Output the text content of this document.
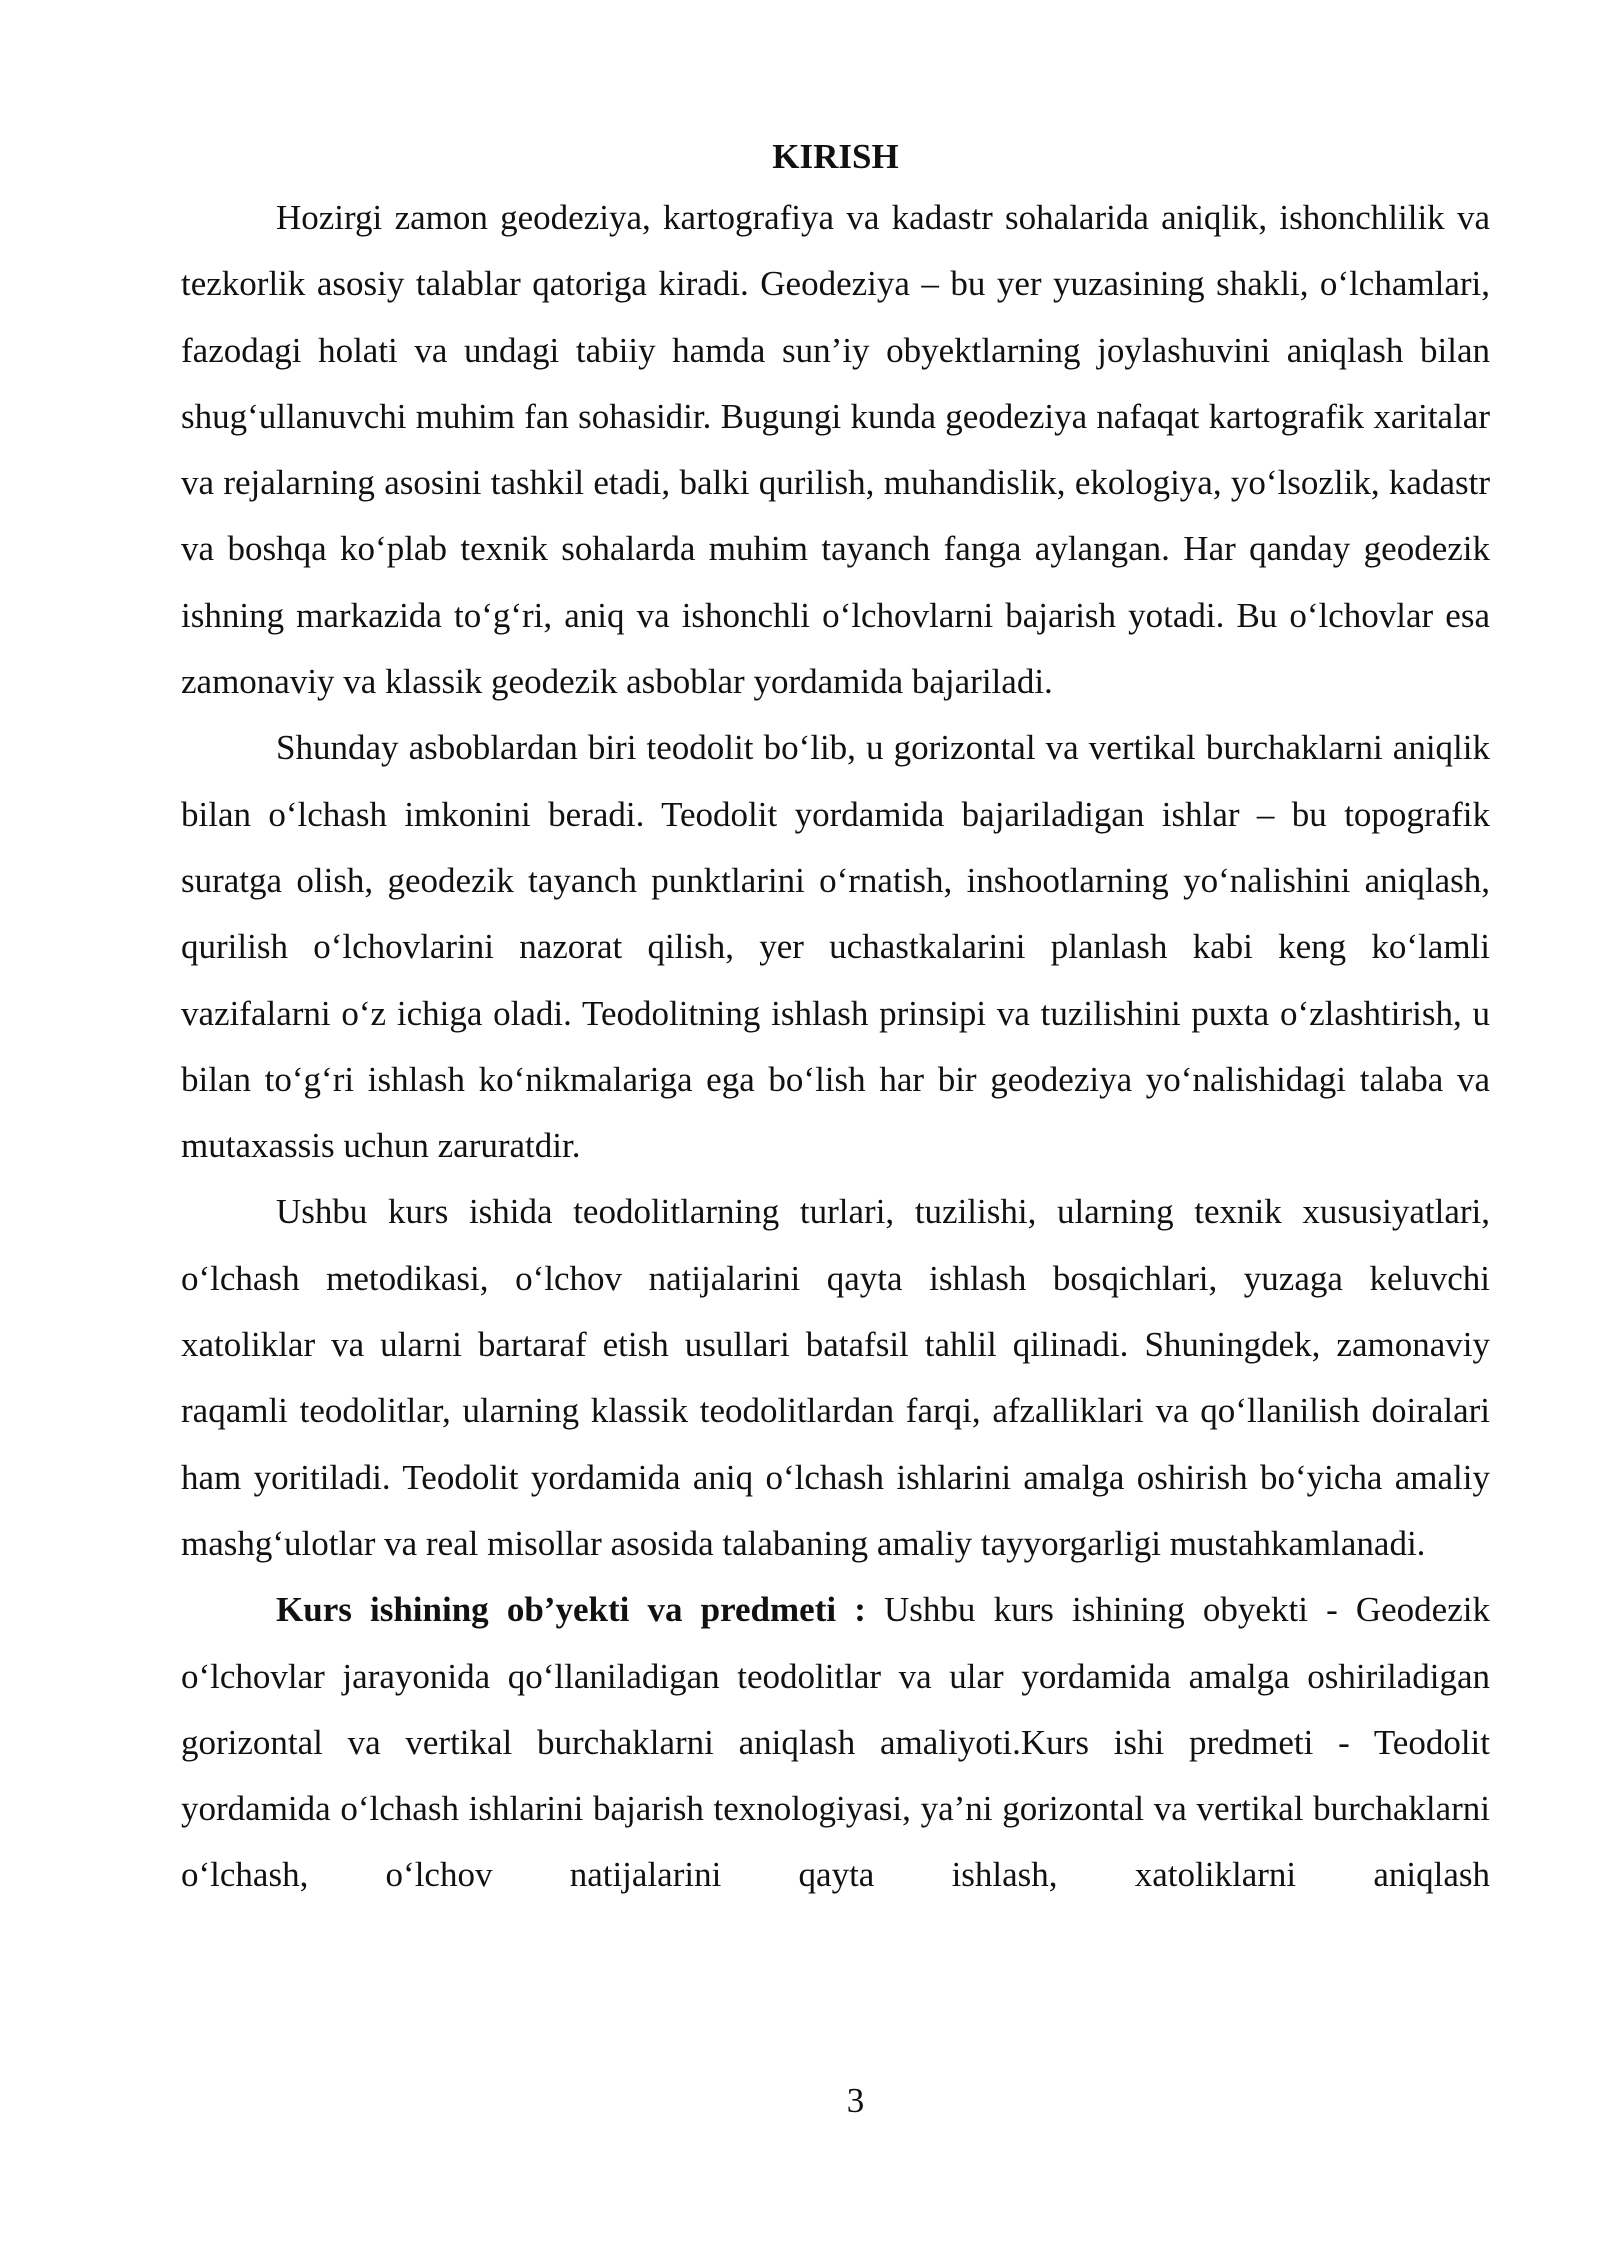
KIRISH

Hozirgi zamon geodeziya, kartografiya va kadastr sohalarida aniqlik, ishonchlilik va tezkorlik asosiy talablar qatoriga kiradi. Geodeziya – bu yer yuzasining shakli, o‘lchamlari, fazodagi holati va undagi tabiiy hamda sun’iy obyektlarning joylashuvini aniqlash bilan shug‘ullanuvchi muhim fan sohasidir. Bugungi kunda geodeziya nafaqat kartografik xaritalar va rejalarning asosini tashkil etadi, balki qurilish, muhandislik, ekologiya, yo‘lsozlik, kadastr va boshqa ko‘plab texnik sohalarda muhim tayanch fanga aylangan. Har qanday geodezik ishning markazida to‘g‘ri, aniq va ishonchli o‘lchovlarni bajarish yotadi. Bu o‘lchovlar esa zamonaviy va klassik geodezik asboblar yordamida bajariladi.

Shunday asboblardan biri teodolit bo‘lib, u gorizontal va vertikal burchaklarni aniqlik bilan o‘lchash imkonini beradi. Teodolit yordamida bajariladigan ishlar – bu topografik suratga olish, geodezik tayanch punktlarini o‘rnatish, inshootlarning yo‘nalishini aniqlash, qurilish o‘lchovlarini nazorat qilish, yer uchastkalarini planlash kabi keng ko‘lamli vazifalarni o‘z ichiga oladi. Teodolitning ishlash prinsipi va tuzilishini puxta o‘zlashtirish, u bilan to‘g‘ri ishlash ko‘nikmalariga ega bo‘lish har bir geodeziya yo‘nalishidagi talaba va mutaxassis uchun zaruratdir.

Ushbu kurs ishida teodolitlarning turlari, tuzilishi, ularning texnik xususiyatlari, o‘lchash metodikasi, o‘lchov natijalarini qayta ishlash bosqichlari, yuzaga keluvchi xatoliklar va ularni bartaraf etish usullari batafsil tahlil qilinadi. Shuningdek, zamonaviy raqamli teodolitlar, ularning klassik teodolitlardan farqi, afzalliklari va qo‘llanilish doiralari ham yoritiladi. Teodolit yordamida aniq o‘lchash ishlarini amalga oshirish bo‘yicha amaliy mashg‘ulotlar va real misollar asosida talabaning amaliy tayyorgarligi mustahkamlanadi.

Kurs ishining ob’yekti va predmeti : Ushbu kurs ishining obyekti - Geodezik o‘lchovlar jarayonida qo‘llaniladigan teodolitlar va ular yordamida amalga oshiriladigan gorizontal va vertikal burchaklarni aniqlash amaliyoti.Kurs ishi predmeti - Teodolit yordamida o‘lchash ishlarini bajarish texnologiyasi, ya’ni gorizontal va vertikal burchaklarni o‘lchash, o‘lchov natijalarini qayta ishlash, xatoliklarni aniqlash

3
